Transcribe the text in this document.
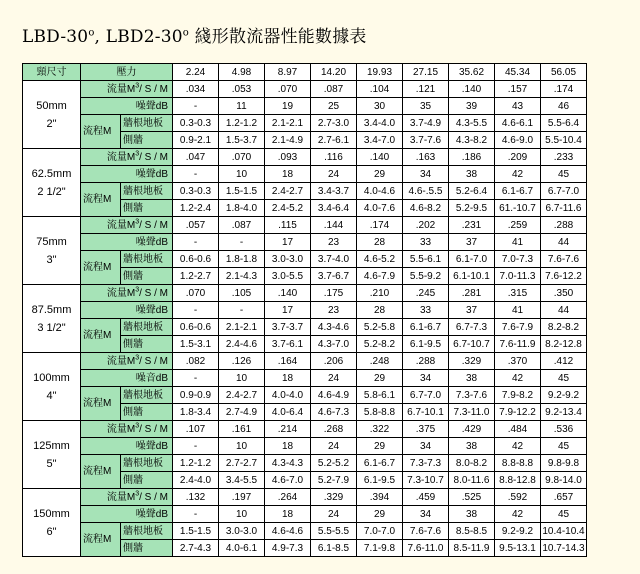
LBD-30$^o$, LBD2-30$^o$ 綫形散流器性能數據表
頸尺寸	壓力		2.24	4.98	8.97	14.20	19.93	27.15	35.62	45.34	56.05

50mm
2"	流量$M^3/$ S / M		.034	.053	.070	.087	.104	.121	.140	.157	.174
	噪聲dB		-	11	19	25	30	35	39	43	46
	流程M	牆根地板	0.3-0.3	1.2-1.2	2.1-2.1	2.7-3.0	3.4-4.0	3.7-4.9	4.3-5.5	4.6-6.1	5.5-6.4
		側牆	0.9-2.1	1.5-3.7	2.1-4.9	2.7-6.1	3.4-7.0	3.7-7.6	4.3-8.2	4.6-9.0	5.5-10.4

62.5mm
2 1/2"	流量$M^3/$ S / M		.047	.070	.093	.116	.140	.163	.186	.209	.233
	噪聲dB		-	10	18	24	29	34	38	42	45
	流程M	牆根地板	0.3-0.3	1.5-1.5	2.4-2.7	3.4-3.7	4.0-4.6	4.6-.5.5	5.2-6.4	6.1-6.7	6.7-7.0
		側牆	1.2-2.4	1.8-4.0	2.4-5.2	3.4-6.4	4.0-7.6	4.6-8.2	5.2-9.5	61.-10.7	6.7-11.6

75mm
3"	流量$M^3/$ S / M		.057	.087	.115	.144	.174	.202	.231	.259	.288
	噪聲dB		-	-	17	23	28	33	37	41	44
	流程M	牆根地板	0.6-0.6	1.8-1.8	3.0-3.0	3.7-4.0	4.6-5.2	5.5-6.1	6.1-7.0	7.0-7.3	7.6-7.6
		側牆	1.2-2.7	2.1-4.3	3.0-5.5	3.7-6.7	4.6-7.9	5.5-9.2	6.1-10.1	7.0-11.3	7.6-12.2

87.5mm
3 1/2"	流量$M^3/$ S / M		.070	.105	.140	.175	.210	.245	.281	.315	.350
	噪聲dB		-	-	17	23	28	33	37	41	44
	流程M	牆根地板	0.6-0.6	2.1-2.1	3.7-3.7	4.3-4.6	5.2-5.8	6.1-6.7	6.7-7.3	7.6-7.9	8.2-8.2
		側牆	1.5-3.1	2.4-4.6	3.7-6.1	4.3-7.0	5.2-8.2	6.1-9.5	6.7-10.7	7.6-11.9	8.2-12.8

100mm
4"	流量$M^3/$ S / M		.082	.126	.164	.206	.248	.288	.329	.370	.412
	噪音dB		-	10	18	24	29	34	38	42	45
	流程M	牆根地板	0.9-0.9	2.4-2.7	4.0-4.0	4.6-4.9	5.8-6.1	6.7-7.0	7.3-7.6	7.9-8.2	9.2-9.2
		側牆	1.8-3.4	2.7-4.9	4.0-6.4	4.6-7.3	5.8-8.8	6.7-10.1	7.3-11.0	7.9-12.2	9.2-13.4

125mm
5"	流量$M^3/$ S / M		.107	.161	.214	.268	.322	.375	.429	.484	.536
	噪聲dB		-	10	18	24	29	34	38	42	45
	流程M	牆根地板	1.2-1.2	2.7-2.7	4.3-4.3	5.2-5.2	6.1-6.7	7.3-7.3	8.0-8.2	8.8-8.8	9.8-9.8
		側牆	2.4-4.0	3.4-5.5	4.6-7.0	5.2-7.9	6.1-9.5	7.3-10.7	8.0-11.6	8.8-12.8	9.8-14.0

150mm
6"	流量$M^3/$ S / M		.132	.197	.264	.329	.394	.459	.525	.592	.657
	噪聲dB		-	10	18	24	29	34	38	42	45
	流程M	牆根地板	1.5-1.5	3.0-3.0	4.6-4.6	5.5-5.5	7.0-7.0	7.6-7.6	8.5-8.5	9.2-9.2	10.4-10.4
		側牆	2.7-4.3	4.0-6.1	4.9-7.3	6.1-8.5	7.1-9.8	7.6-11.0	8.5-11.9	9.5-13.1	10.7-14.3
